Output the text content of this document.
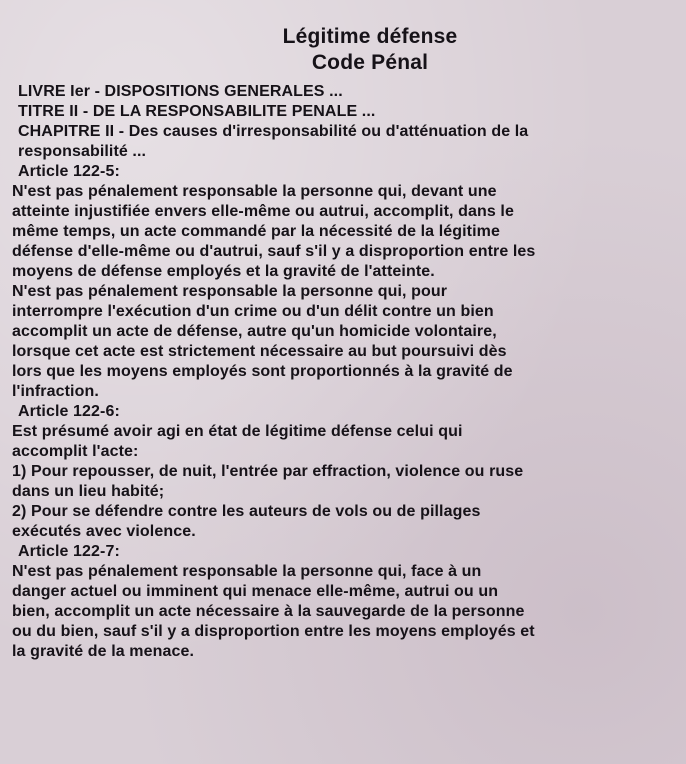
Légitime défense
Code Pénal
LIVRE Ier - DISPOSITIONS GENERALES ...
TITRE II - DE LA RESPONSABILITE PENALE ...
CHAPITRE II - Des causes d'irresponsabilité ou d'atténuation de la
responsabilité ...
Article 122-5:
N'est pas pénalement responsable la personne qui, devant une
atteinte injustifiée envers elle-même ou autrui, accomplit, dans le
même temps, un acte commandé par la nécessité de la légitime
défense d'elle-même ou d'autrui, sauf s'il y a disproportion entre les
moyens de défense employés et la gravité de l'atteinte.
N'est pas pénalement responsable la personne qui, pour
interrompre l'exécution d'un crime ou d'un délit contre un bien
accomplit un acte de défense, autre qu'un homicide volontaire,
lorsque cet acte est strictement nécessaire au but poursuivi dès
lors que les moyens employés sont proportionnés à la gravité de
l'infraction.
Article 122-6:
Est présumé avoir agi en état de légitime défense celui qui
accomplit l'acte:
1) Pour repousser, de nuit, l'entrée par effraction, violence ou ruse
dans un lieu habité;
2) Pour se défendre contre les auteurs de vols ou de pillages
exécutés avec violence.
Article 122-7:
N'est pas pénalement responsable la personne qui, face à un
danger actuel ou imminent qui menace elle-même, autrui ou un
bien, accomplit un acte nécessaire à la sauvegarde de la personne
ou du bien, sauf s'il y a disproportion entre les moyens employés et
la gravité de la menace.
